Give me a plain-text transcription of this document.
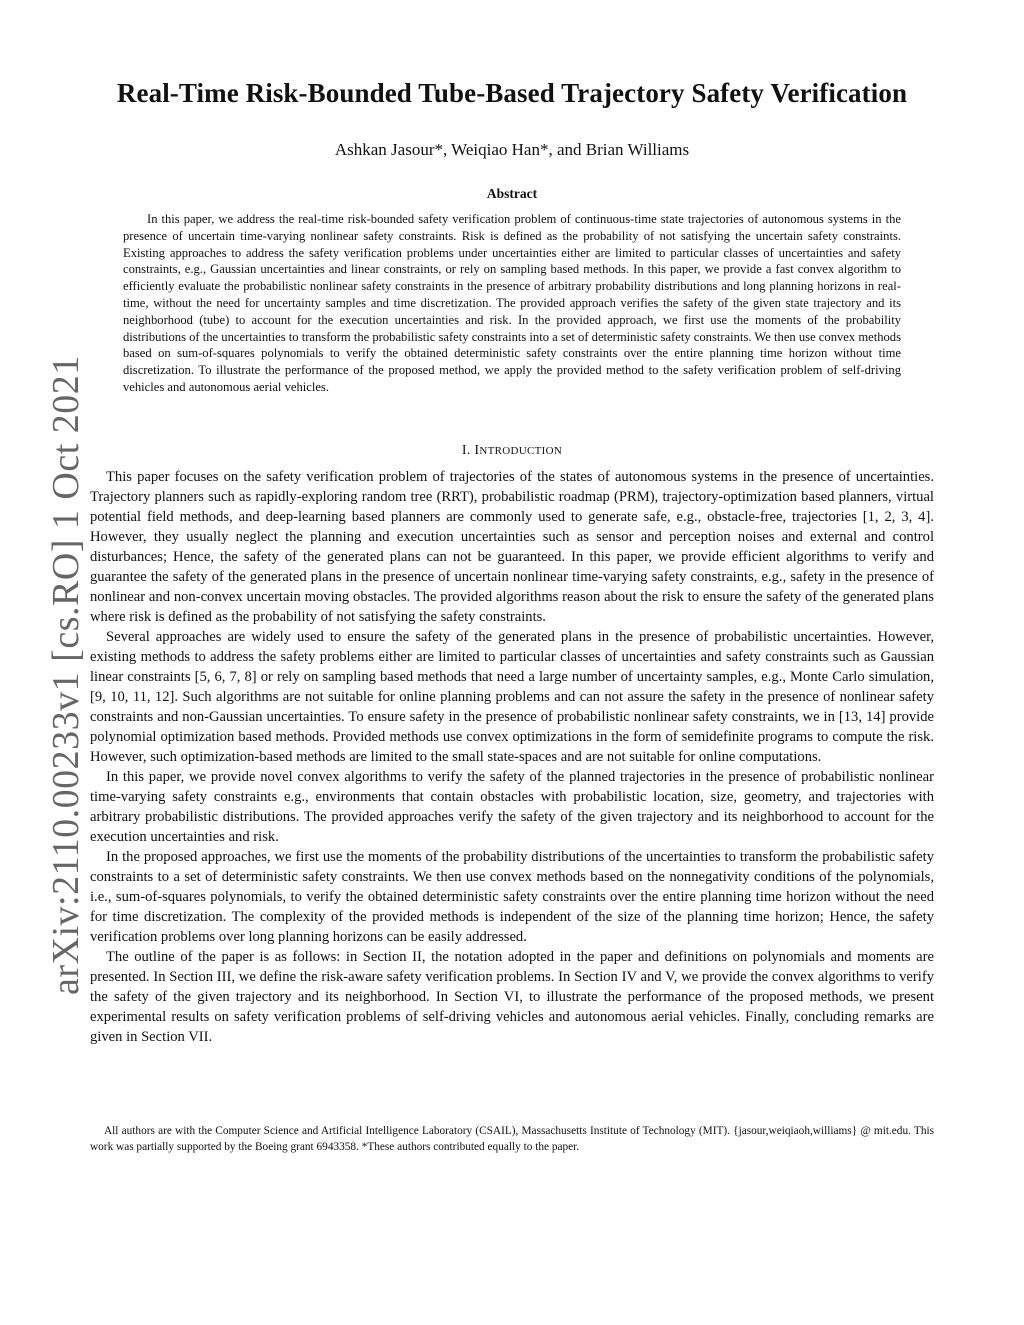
arXiv:2110.00233v1 [cs.RO] 1 Oct 2021
Real-Time Risk-Bounded Tube-Based Trajectory Safety Verification
Ashkan Jasour*, Weiqiao Han*, and Brian Williams
Abstract

In this paper, we address the real-time risk-bounded safety verification problem of continuous-time state trajectories of autonomous systems in the presence of uncertain time-varying nonlinear safety constraints. Risk is defined as the probability of not satisfying the uncertain safety constraints. Existing approaches to address the safety verification problems under uncertainties either are limited to particular classes of uncertainties and safety constraints, e.g., Gaussian uncertainties and linear constraints, or rely on sampling based methods. In this paper, we provide a fast convex algorithm to efficiently evaluate the probabilistic nonlinear safety constraints in the presence of arbitrary probability distributions and long planning horizons in real-time, without the need for uncertainty samples and time discretization. The provided approach verifies the safety of the given state trajectory and its neighborhood (tube) to account for the execution uncertainties and risk. In the provided approach, we first use the moments of the probability distributions of the uncertainties to transform the probabilistic safety constraints into a set of deterministic safety constraints. We then use convex methods based on sum-of-squares polynomials to verify the obtained deterministic safety constraints over the entire planning time horizon without time discretization. To illustrate the performance of the proposed method, we apply the provided method to the safety verification problem of self-driving vehicles and autonomous aerial vehicles.

I. INTRODUCTION

This paper focuses on the safety verification problem of trajectories of the states of autonomous systems in the presence of uncertainties. Trajectory planners such as rapidly-exploring random tree (RRT), probabilistic roadmap (PRM), trajectory-optimization based planners, virtual potential field methods, and deep-learning based planners are commonly used to generate safe, e.g., obstacle-free, trajectories [1, 2, 3, 4]. However, they usually neglect the planning and execution uncertainties such as sensor and perception noises and external and control disturbances; Hence, the safety of the generated plans can not be guaranteed. In this paper, we provide efficient algorithms to verify and guarantee the safety of the generated plans in the presence of uncertain nonlinear time-varying safety constraints, e.g., safety in the presence of nonlinear and non-convex uncertain moving obstacles. The provided algorithms reason about the risk to ensure the safety of the generated plans where risk is defined as the probability of not satisfying the safety constraints.

Several approaches are widely used to ensure the safety of the generated plans in the presence of probabilistic uncertainties. However, existing methods to address the safety problems either are limited to particular classes of uncertainties and safety constraints such as Gaussian linear constraints [5, 6, 7, 8] or rely on sampling based methods that need a large number of uncertainty samples, e.g., Monte Carlo simulation, [9, 10, 11, 12]. Such algorithms are not suitable for online planning problems and can not assure the safety in the presence of nonlinear safety constraints and non-Gaussian uncertainties. To ensure safety in the presence of probabilistic nonlinear safety constraints, we in [13, 14] provide polynomial optimization based methods. Provided methods use convex optimizations in the form of semidefinite programs to compute the risk. However, such optimization-based methods are limited to the small state-spaces and are not suitable for online computations.

In this paper, we provide novel convex algorithms to verify the safety of the planned trajectories in the presence of probabilistic nonlinear time-varying safety constraints e.g., environments that contain obstacles with probabilistic location, size, geometry, and trajectories with arbitrary probabilistic distributions. The provided approaches verify the safety of the given trajectory and its neighborhood to account for the execution uncertainties and risk.

In the proposed approaches, we first use the moments of the probability distributions of the uncertainties to transform the probabilistic safety constraints to a set of deterministic safety constraints. We then use convex methods based on the nonnegativity conditions of the polynomials, i.e., sum-of-squares polynomials, to verify the obtained deterministic safety constraints over the entire planning time horizon without the need for time discretization. The complexity of the provided methods is independent of the size of the planning time horizon; Hence, the safety verification problems over long planning horizons can be easily addressed.

The outline of the paper is as follows: in Section II, the notation adopted in the paper and definitions on polynomials and moments are presented. In Section III, we define the risk-aware safety verification problems. In Section IV and V, we provide the convex algorithms to verify the safety of the given trajectory and its neighborhood. In Section VI, to illustrate the performance of the proposed methods, we present experimental results on safety verification problems of self-driving vehicles and autonomous aerial vehicles. Finally, concluding remarks are given in Section VII.

All authors are with the Computer Science and Artificial Intelligence Laboratory (CSAIL), Massachusetts Institute of Technology (MIT). {jasour,weiqiaoh,williams} @ mit.edu. This work was partially supported by the Boeing grant 6943358. *These authors contributed equally to the paper.
